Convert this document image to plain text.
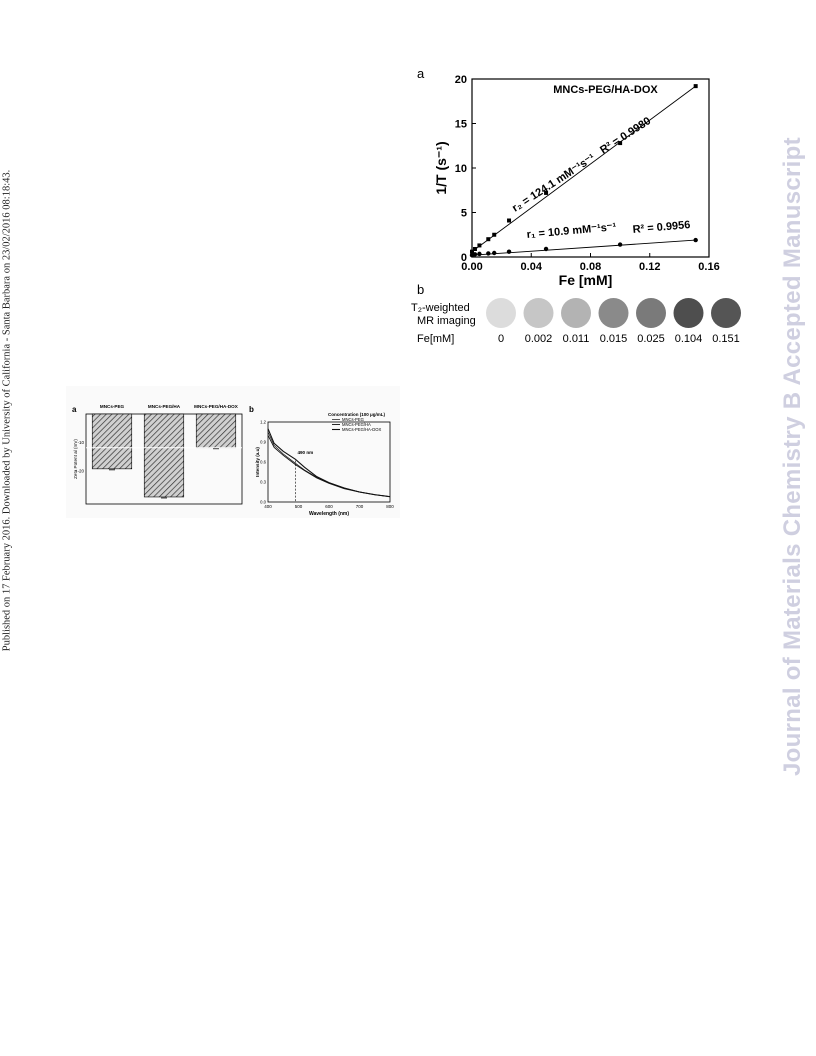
Published on 17 February 2016. Downloaded by University of California - Santa Barbara on 23/02/2016 08:18:43.	Journal of Materials Chemistry B Accepted Manuscript
a
b
T₂-weighted
MR imaging
Fe[mM]
0.00	0.04	0.08	0.12	0.16
0
5
10
15
20
Fe [mM]
1/T (s⁻¹)
MNCs-PEG/HA-DOX
r₂ = 124.1 mM⁻¹s⁻¹
R² = 0.9980
r₁ = 10.9 mM⁻¹s⁻¹ R² = 0.9956
0 0.002 0.011 0.015 0.025 0.104 0.151
a	b
MNCs-PEG	MNCs-PEG/HA	MNCs-PEG/HA-DOX
-10
-20
Zeta Potent al (mV)
400	500	600	700	800
0.0
0.3
0.6
0.9
1.2
Wavelength (nm)
Intensity (a.u)
Concentration (100 μg/mL)
MNCs-PEG
MNCs-PEG/HA
MNCs-PEG/HA-DOX
490 nm
